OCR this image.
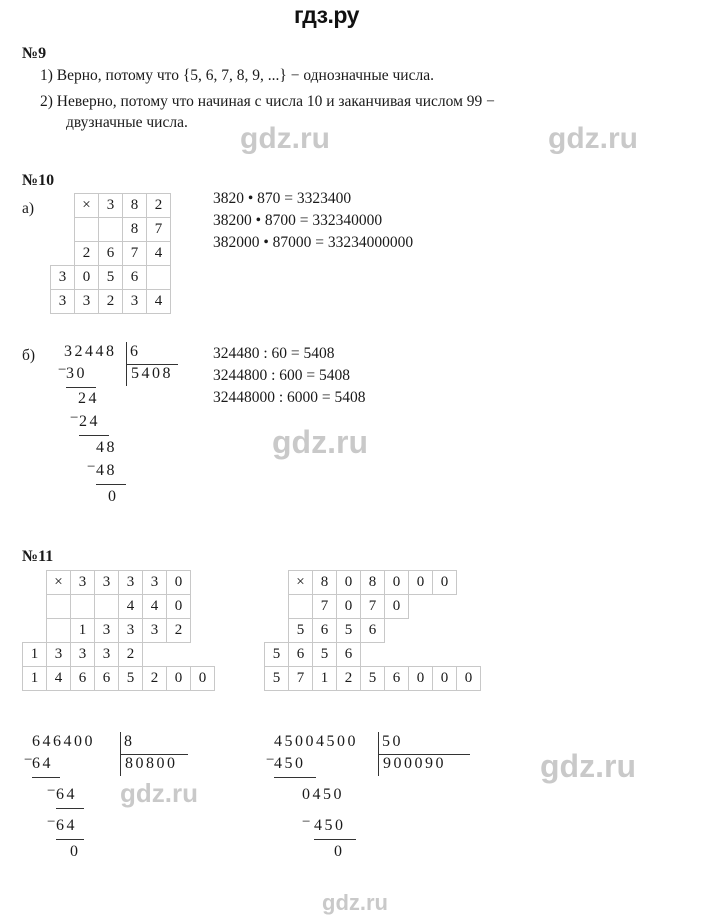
гдз.ру
gdz.ru	gdz.ru
gdz.ru
gdz.ru
gdz.ru
gdz.ru
№9
1) Верно, потому что {5, 6, 7, 8, 9, ...} − однозначные числа.
2) Неверно, потому что начиная с числа 10 и заканчивая числом 99 −
двузначные числа.
№10
а)
		×	3	8	2
			8	7
	2	6	7	4
3	0	5	6	
3	3	2	3	4
3820 • 870 = 3323400
38200 • 8700 = 332340000
382000 • 87000 = 33234000000
б) 32448 6
5408
− 30
24
− 24
48
− 48
0
324480 : 60 = 5408
3244800 : 600 = 5408
32448000 : 6000 = 5408
№11
	×	3	3	3	3	0		
				4	4	0		
		1	3	3	3	2		
1	3	3	3	2				
1	4	6	6	5	2	0	0	
	×	8	0	8	0	0	0	
		7	0	7	0			
	5	6	5	6				
5	6	5	6					
5	7	1	2	5	6	0	0	0
646400 8
80800
− 64
− 64
− 64
0
45004500 50
900090
− 450
0450
− 450
0
